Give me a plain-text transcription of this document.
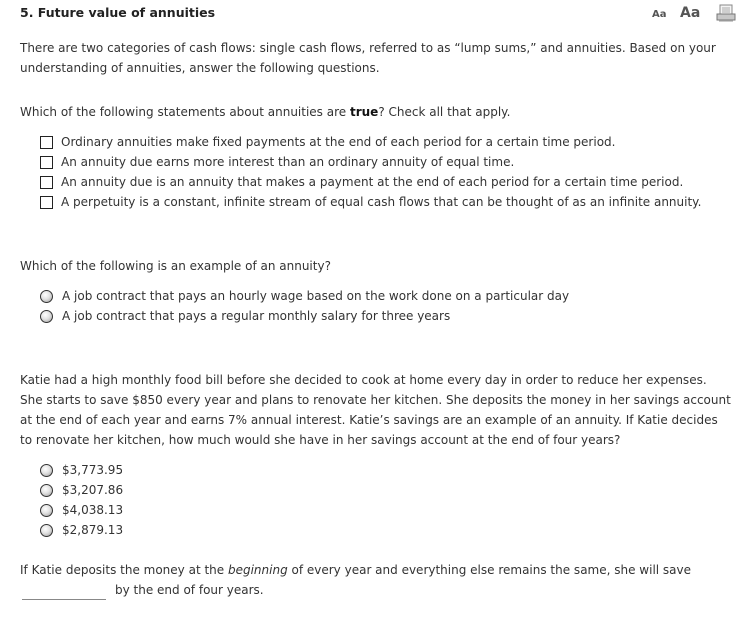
5. Future value of annuities	Aa Aa

There are two categories of cash flows: single cash flows, referred to as “lump sums,” and annuities. Based on your understanding of annuities, answer the following questions.

Which of the following statements about annuities are true? Check all that apply.

Ordinary annuities make fixed payments at the end of each period for a certain time period.
An annuity due earns more interest than an ordinary annuity of equal time.
An annuity due is an annuity that makes a payment at the end of each period for a certain time period.
A perpetuity is a constant, infinite stream of equal cash flows that can be thought of as an infinite annuity.

Which of the following is an example of an annuity?

A job contract that pays an hourly wage based on the work done on a particular day
A job contract that pays a regular monthly salary for three years

Katie had a high monthly food bill before she decided to cook at home every day in order to reduce her expenses. She starts to save $850 every year and plans to renovate her kitchen. She deposits the money in her savings account at the end of each year and earns 7% annual interest. Katie’s savings are an example of an annuity. If Katie decides to renovate her kitchen, how much would she have in her savings account at the end of four years?

$3,773.95
$3,207.86
$4,038.13
$2,879.13

If Katie deposits the money at the beginning of every year and everything else remains the same, she will save

by the end of four years.
